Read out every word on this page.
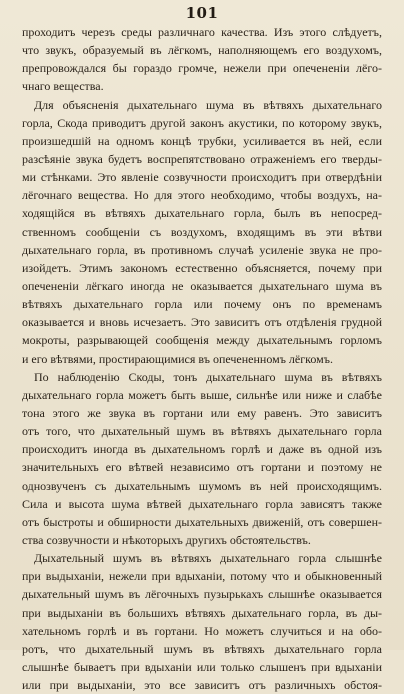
101
проходитъ черезъ среды различнаго качества. Изъ этого слѣдуетъ,
что звукъ, образуемый въ лёгкомъ, наполняющемъ его воздухомъ,
препровождался бы гораздо громче, нежели при опечененіи лёго-
чнаго вещества.
Для объясненія дыхательнаго шума въ вѣтвяхъ дыхательнаго
горла, Скода приводитъ другой законъ акустики, по которому звукъ,
произшедшій на одномъ концѣ трубки, усиливается въ ней, если
разсѣяніе звука будетъ воспрепятствовано отраженіемъ его тверды-
ми стѣнками. Это явленіе созвучности происходитъ при отвердѣніи
лёгочнаго вещества. Но для этого необходимо, чтобы воздухъ, на-
ходящійся въ вѣтвяхъ дыхательнаго горла, былъ въ непосред-
ственномъ сообщеніи съ воздухомъ, входящимъ въ эти вѣтви
дыхательнаго горла, въ противномъ случаѣ усиленіе звука не про-
изойдетъ. Этимъ закономъ естественно объясняется, почему при
опечененіи лёгкаго иногда не оказывается дыхательнаго шума въ
вѣтвяхъ дыхательнаго горла или почему онъ по временамъ
оказывается и вновь исчезаетъ. Это зависитъ отъ отдѣленія грудной
мокроты, разрывающей сообщенія между дыхательнымъ горломъ
и его вѣтвями, простирающимися въ опечененномъ лёгкомъ.
По наблюденію Скоды, тонъ дыхательнаго шума въ вѣтвяхъ
дыхательнаго горла можетъ быть выше, сильнѣе или ниже и слабѣе
тона этого же звука въ гортани или ему равенъ. Это зависитъ
отъ того, что дыхательный шумъ въ вѣтвяхъ дыхательнаго горла
происходитъ иногда въ дыхательномъ горлѣ и даже въ одной изъ
значительныхъ его вѣтвей независимо отъ гортани и поэтому не
однозвученъ съ дыхательнымъ шумомъ въ ней происходящимъ.
Сила и высота шума вѣтвей дыхательнаго горла зависятъ также
отъ быстроты и обширности дыхательныхъ движеній, отъ совершен-
ства созвучности и нѣкоторыхъ другихъ обстоятельствъ.
Дыхательный шумъ въ вѣтвяхъ дыхательнаго горла слышнѣе
при выдыханіи, нежели при вдыханіи, потому что и обыкновенный
дыхательный шумъ въ лёгочныхъ пузырькахъ слышнѣе оказывается
при выдыханіи въ большихъ вѣтвяхъ дыхательнаго горла, въ ды-
хательномъ горлѣ и въ гортани. Но можетъ случиться и на обо-
ротъ, что дыхательный шумъ въ вѣтвяхъ дыхательнаго горла
слышнѣе бываетъ при вдыханіи или только слышенъ при вдыханіи
или при выдыханіи, это все зависитъ отъ различныхъ обстоя-
